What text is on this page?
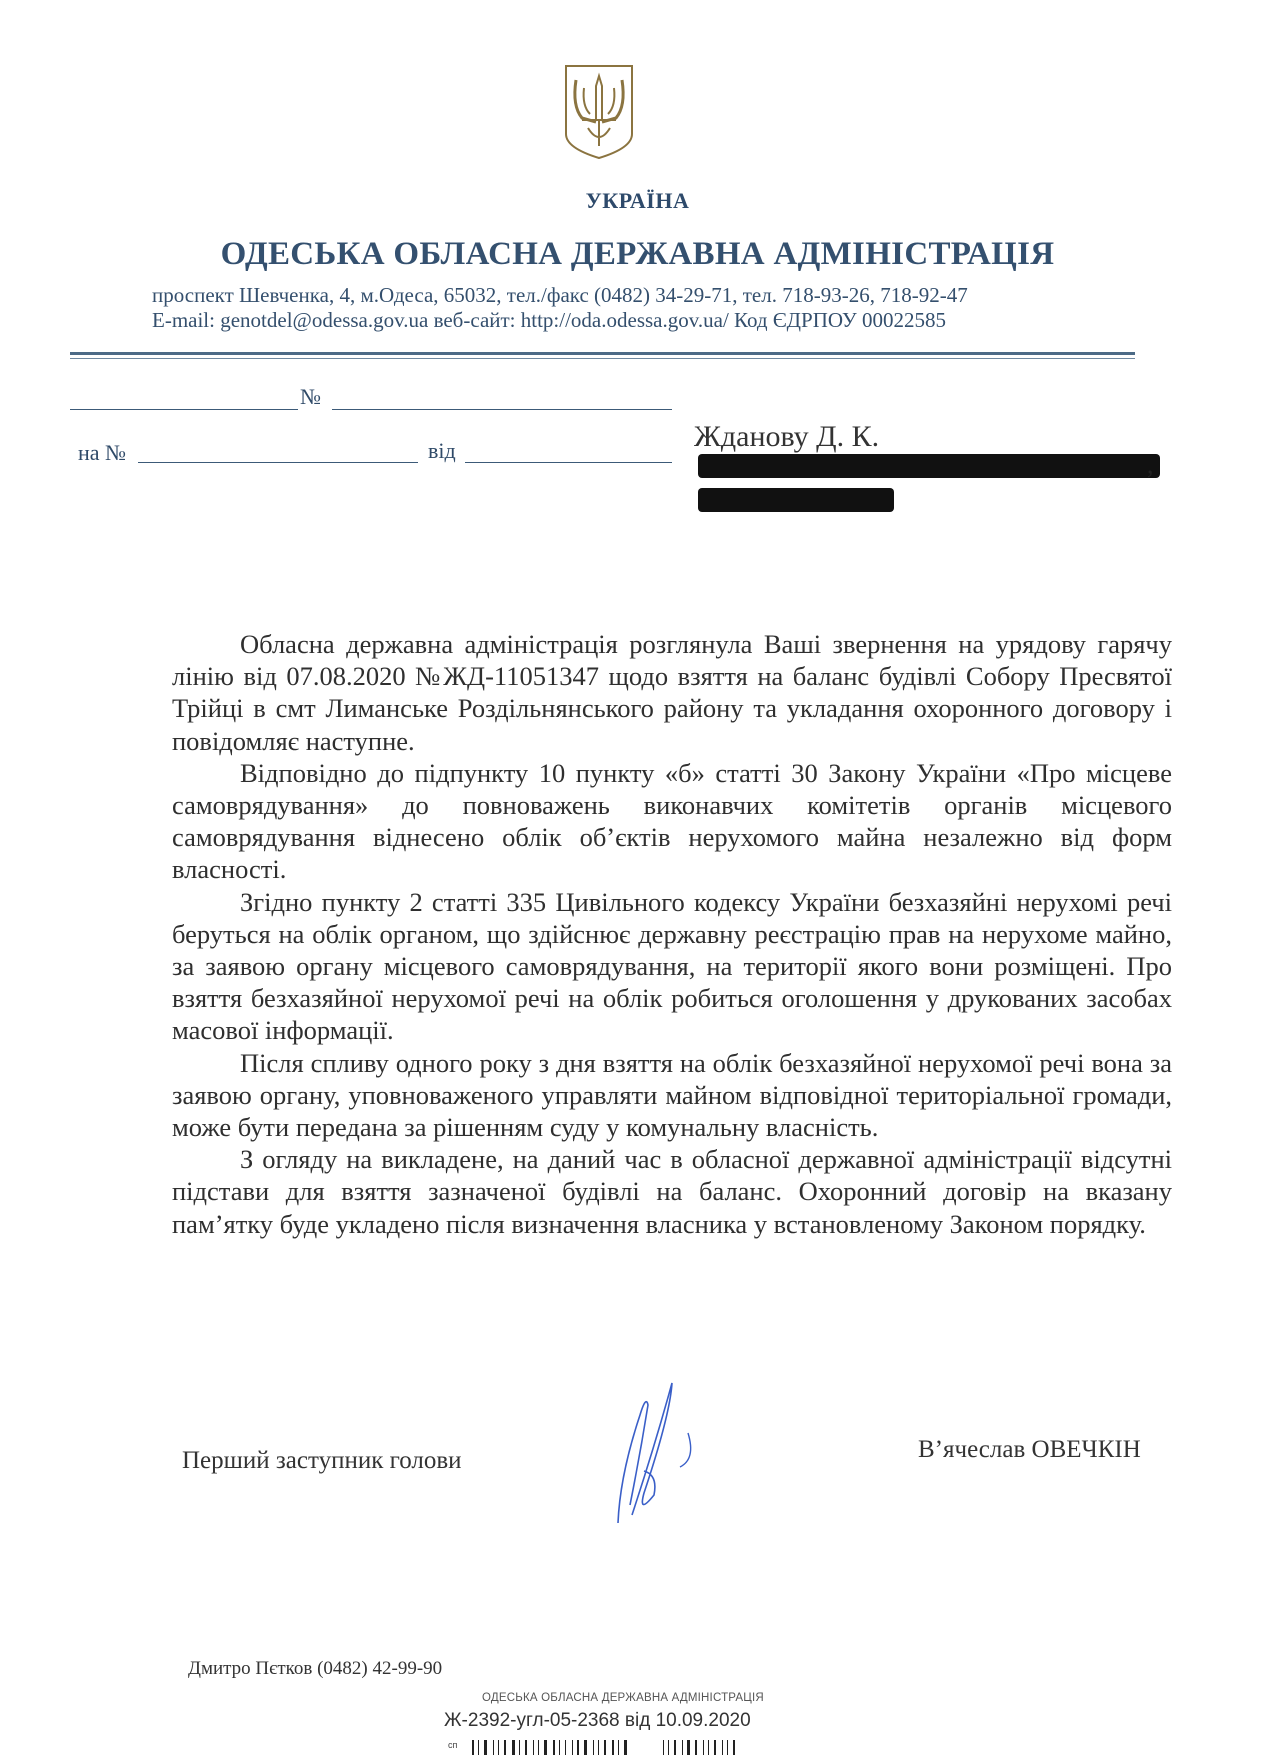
УКРАЇНА
ОДЕСЬКА ОБЛАСНА ДЕРЖАВНА АДМІНІСТРАЦІЯ
проспект Шевченка, 4, м.Одеса, 65032, тел./факс (0482) 34-29-71, тел. 718-93-26, 718-92-47
E-mail: genotdel@odessa.gov.ua веб-сайт: http://oda.odessa.gov.ua/ Код ЄДРПОУ 00022585
№
на №	від	Жданову Д. К.
,

Обласна державна адміністрація розглянула Ваші звернення на урядову гарячу лінію від 07.08.2020 №ЖД-11051347 щодо взяття на баланс будівлі Собору Пресвятої Трійці в смт Лиманське Роздільнянського району та укладання охоронного договору і повідомляє наступне.

Відповідно до підпункту 10 пункту «б» статті 30 Закону України «Про місцеве самоврядування» до повноважень виконавчих комітетів органів місцевого самоврядування віднесено облік об’єктів нерухомого майна незалежно від форм власності.

Згідно пункту 2 статті 335 Цивільного кодексу України безхазяйні нерухомі речі беруться на облік органом, що здійснює державну реєстрацію прав на нерухоме майно, за заявою органу місцевого самоврядування, на території якого вони розміщені. Про взяття безхазяйної нерухомої речі на облік робиться оголошення у друкованих засобах масової інформації.

Після спливу одного року з дня взяття на облік безхазяйної нерухомої речі вона за заявою органу, уповноваженого управляти майном відповідної територіальної громади, може бути передана за рішенням суду у комунальну власність.

З огляду на викладене, на даний час в обласної державної адміністрації відсутні підстави для взяття зазначеної будівлі на баланс. Охоронний договір на вказану пам’ятку буде укладено після визначення власника у встановленому Законом порядку.

Перший заступник голови	В’ячеслав ОВЕЧКІН
Дмитро Пєтков (0482) 42-99-90
ОДЕСЬКА ОБЛАСНА ДЕРЖАВНА АДМІНІСТРАЦІЯ
Ж-2392-угл-05-2368 від 10.09.2020
сп
